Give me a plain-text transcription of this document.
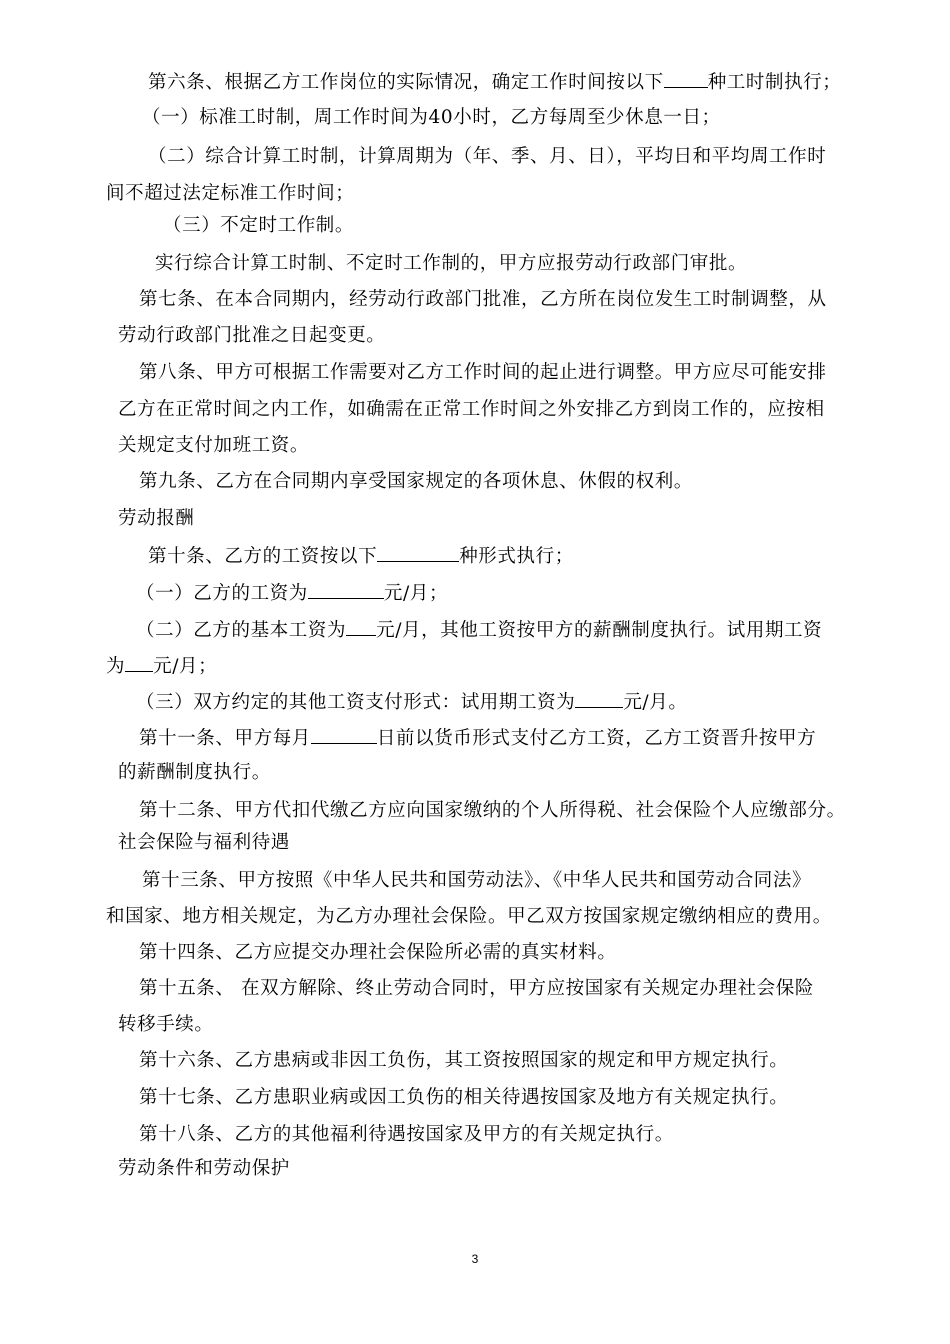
第六条、根据乙方工作岗位的实际情况，确定工作时间按以下 种工时制执行；
（一）标准工时制，周工作时间为40小时，乙方每周至少休息一日；
（二）综合计算工时制，计算周期为（年、季、月、日），平均日和平均周工作时
间不超过法定标准工作时间；
（三）不定时工作制。
实行综合计算工时制、不定时工作制的，甲方应报劳动行政部门审批。
第七条、在本合同期内，经劳动行政部门批准，乙方所在岗位发生工时制调整，从
劳动行政部门批准之日起变更。
第八条、甲方可根据工作需要对乙方工作时间的起止进行调整。甲方应尽可能安排
乙方在正常时间之内工作，如确需在正常工作时间之外安排乙方到岗工作的，应按相
关规定支付加班工资。
第九条、乙方在合同期内享受国家规定的各项休息、休假的权利。
劳动报酬
第十条、乙方的工资按以下	种形式执行；
（一）乙方的工资为	元/月；
（二）乙方的基本工资为 元/月，其他工资按甲方的薪酬制度执行。试用期工资
为 元/月；
（三）双方约定的其他工资支付形式：试用期工资为	元/月。
第十一条、甲方每月	日前以货币形式支付乙方工资，乙方工资晋升按甲方
的薪酬制度执行。
第十二条、甲方代扣代缴乙方应向国家缴纳的个人所得税、社会保险个人应缴部分。
社会保险与福利待遇
第十三条、甲方按照《中华人民共和国劳动法》、《中华人民共和国劳动合同法》
和国家、地方相关规定，为乙方办理社会保险。甲乙双方按国家规定缴纳相应的费用。
第十四条、乙方应提交办理社会保险所必需的真实材料。
第十五条、 在双方解除、终止劳动合同时，甲方应按国家有关规定办理社会保险
转移手续。
第十六条、乙方患病或非因工负伤，其工资按照国家的规定和甲方规定执行。
第十七条、乙方患职业病或因工负伤的相关待遇按国家及地方有关规定执行。
第十八条、乙方的其他福利待遇按国家及甲方的有关规定执行。
劳动条件和劳动保护
3
